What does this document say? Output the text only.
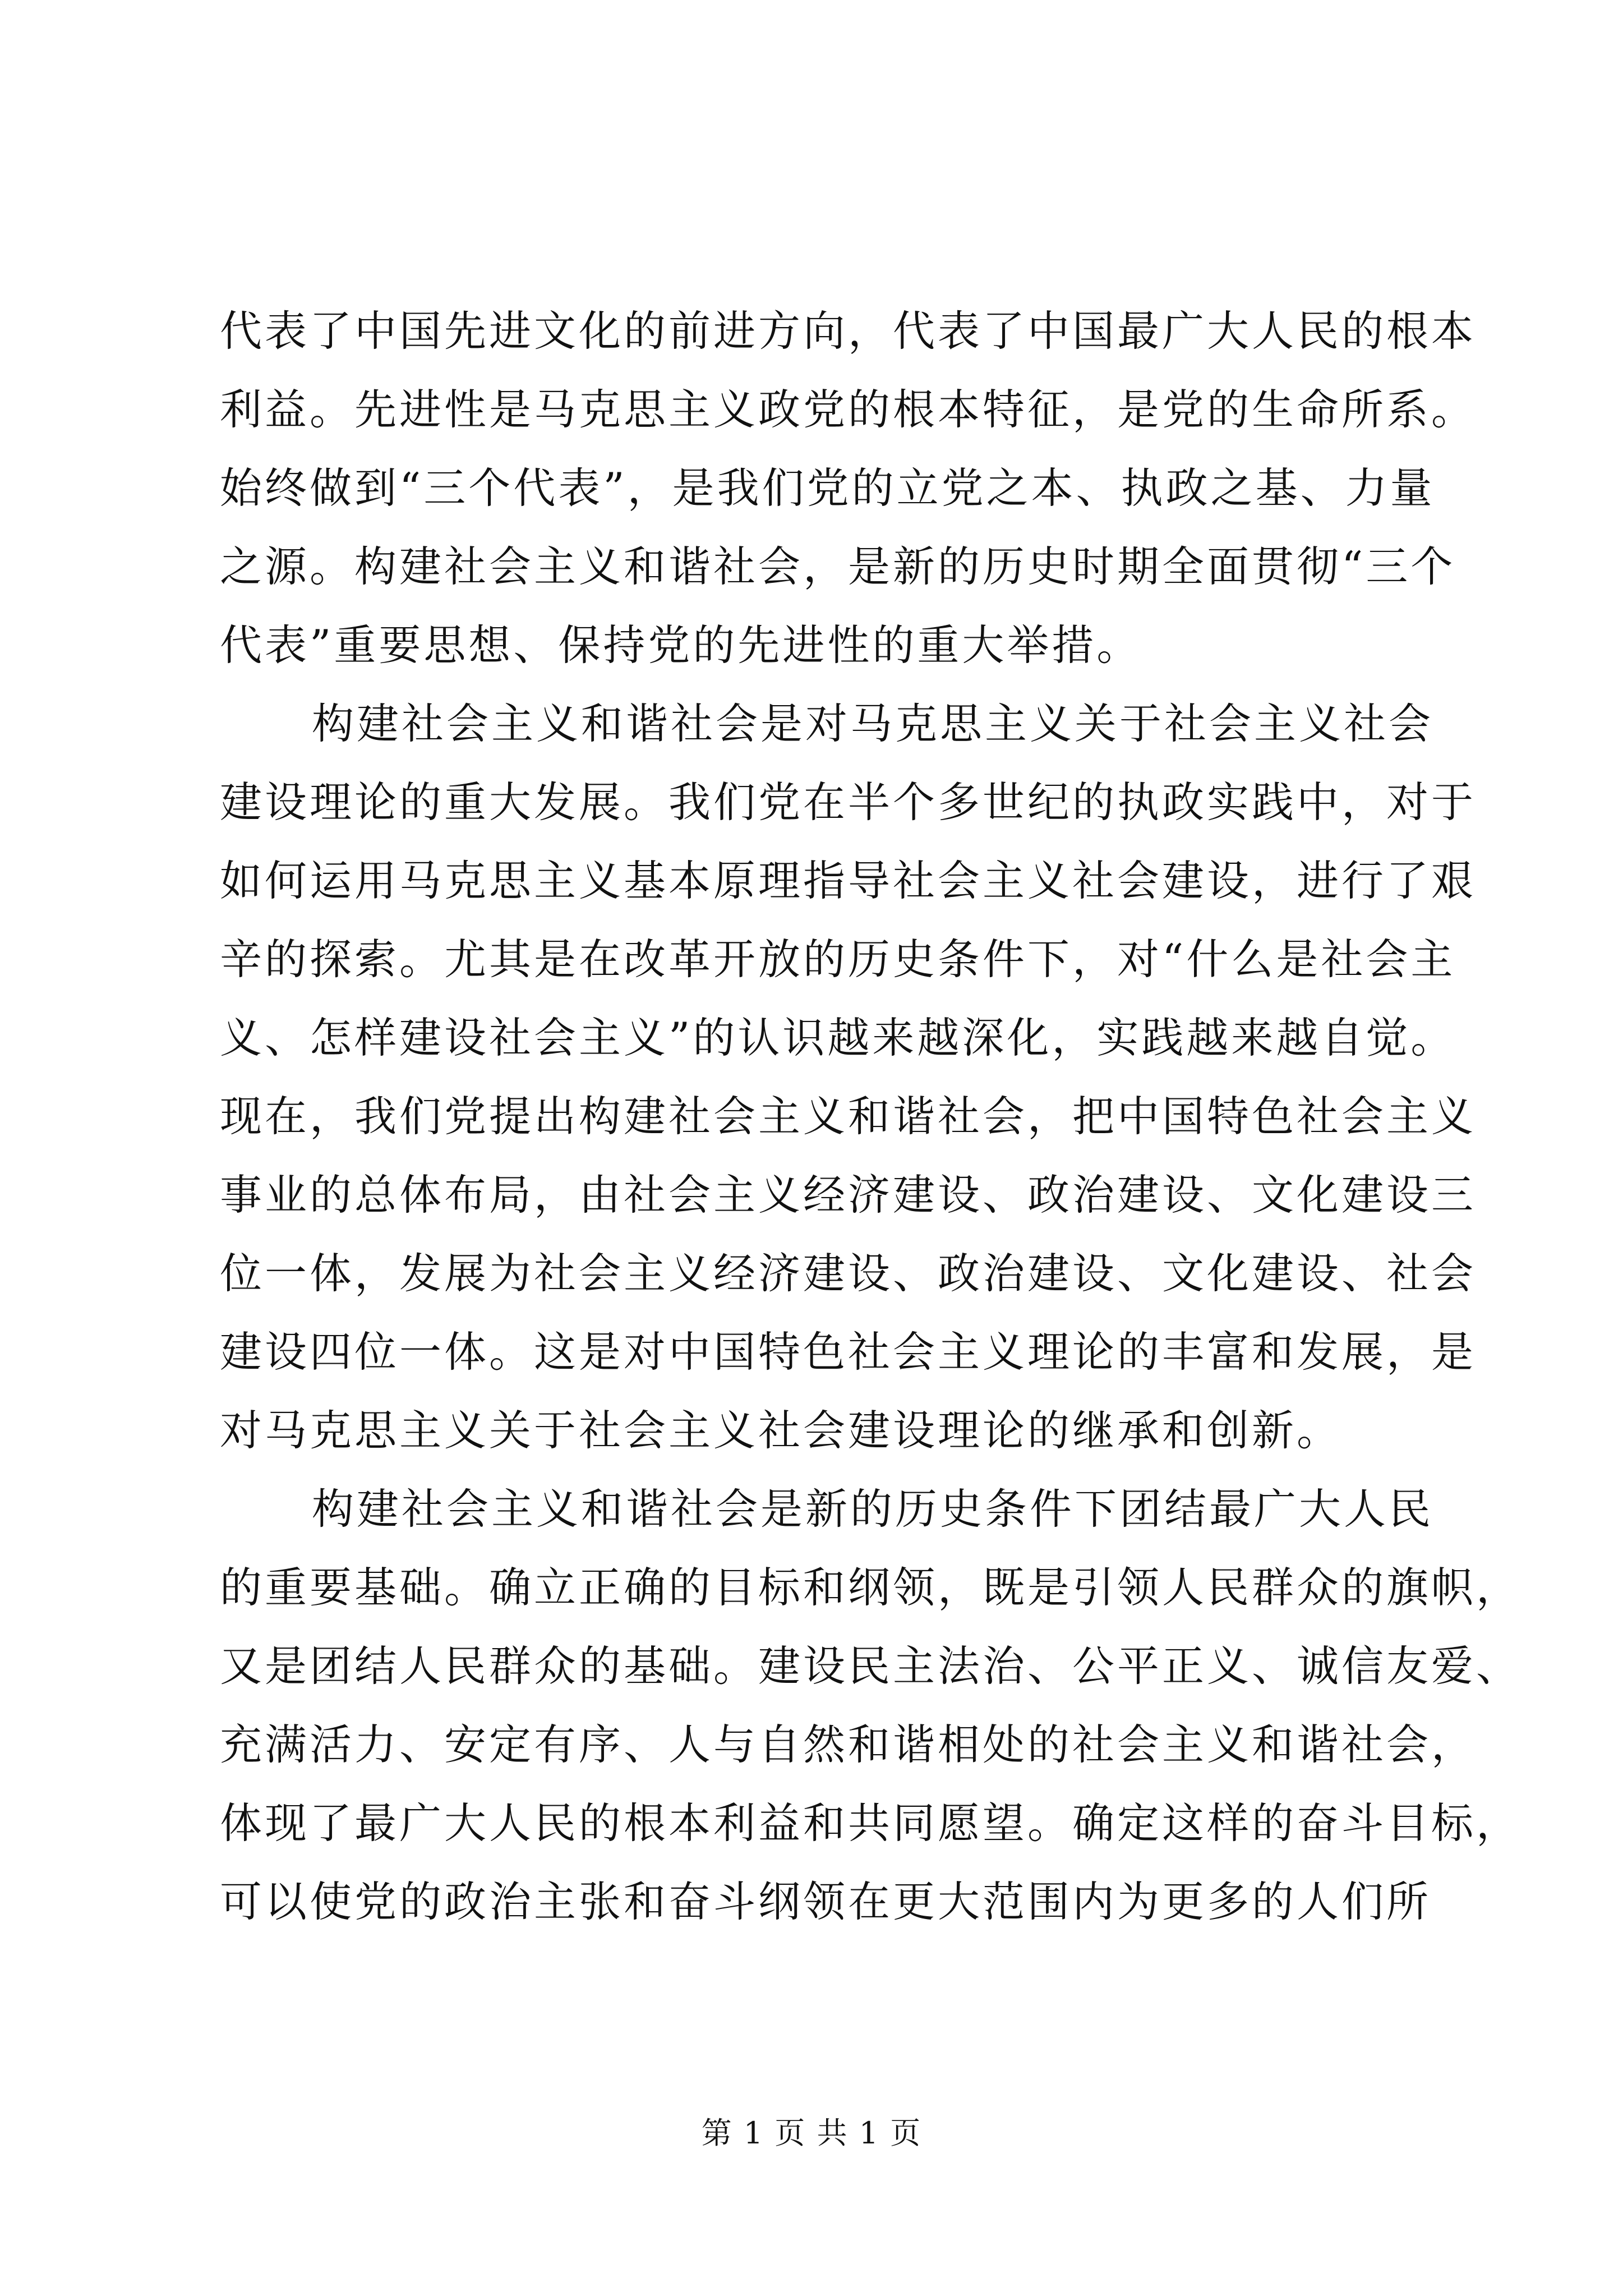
代表了中国先进文化的前进方向，代表了中国最广大人民的根本
利益。先进性是马克思主义政党的根本特征，是党的生命所系。
始终做到“三个代表”，是我们党的立党之本、执政之基、力量
之源。构建社会主义和谐社会，是新的历史时期全面贯彻“三个
代表”重要思想、保持党的先进性的重大举措。
构建社会主义和谐社会是对马克思主义关于社会主义社会
建设理论的重大发展。我们党在半个多世纪的执政实践中，对于
如何运用马克思主义基本原理指导社会主义社会建设，进行了艰
辛的探索。尤其是在改革开放的历史条件下，对“什么是社会主
义、怎样建设社会主义”的认识越来越深化，实践越来越自觉。
现在，我们党提出构建社会主义和谐社会，把中国特色社会主义
事业的总体布局，由社会主义经济建设、政治建设、文化建设三
位一体，发展为社会主义经济建设、政治建设、文化建设、社会
建设四位一体。这是对中国特色社会主义理论的丰富和发展，是
对马克思主义关于社会主义社会建设理论的继承和创新。
构建社会主义和谐社会是新的历史条件下团结最广大人民
的重要基础。确立正确的目标和纲领，既是引领人民群众的旗帜，
又是团结人民群众的基础。建设民主法治、公平正义、诚信友爱、
充满活力、安定有序、人与自然和谐相处的社会主义和谐社会，
体现了最广大人民的根本利益和共同愿望。确定这样的奋斗目标，
可以使党的政治主张和奋斗纲领在更大范围内为更多的人们所
第 1 页 共 1 页
